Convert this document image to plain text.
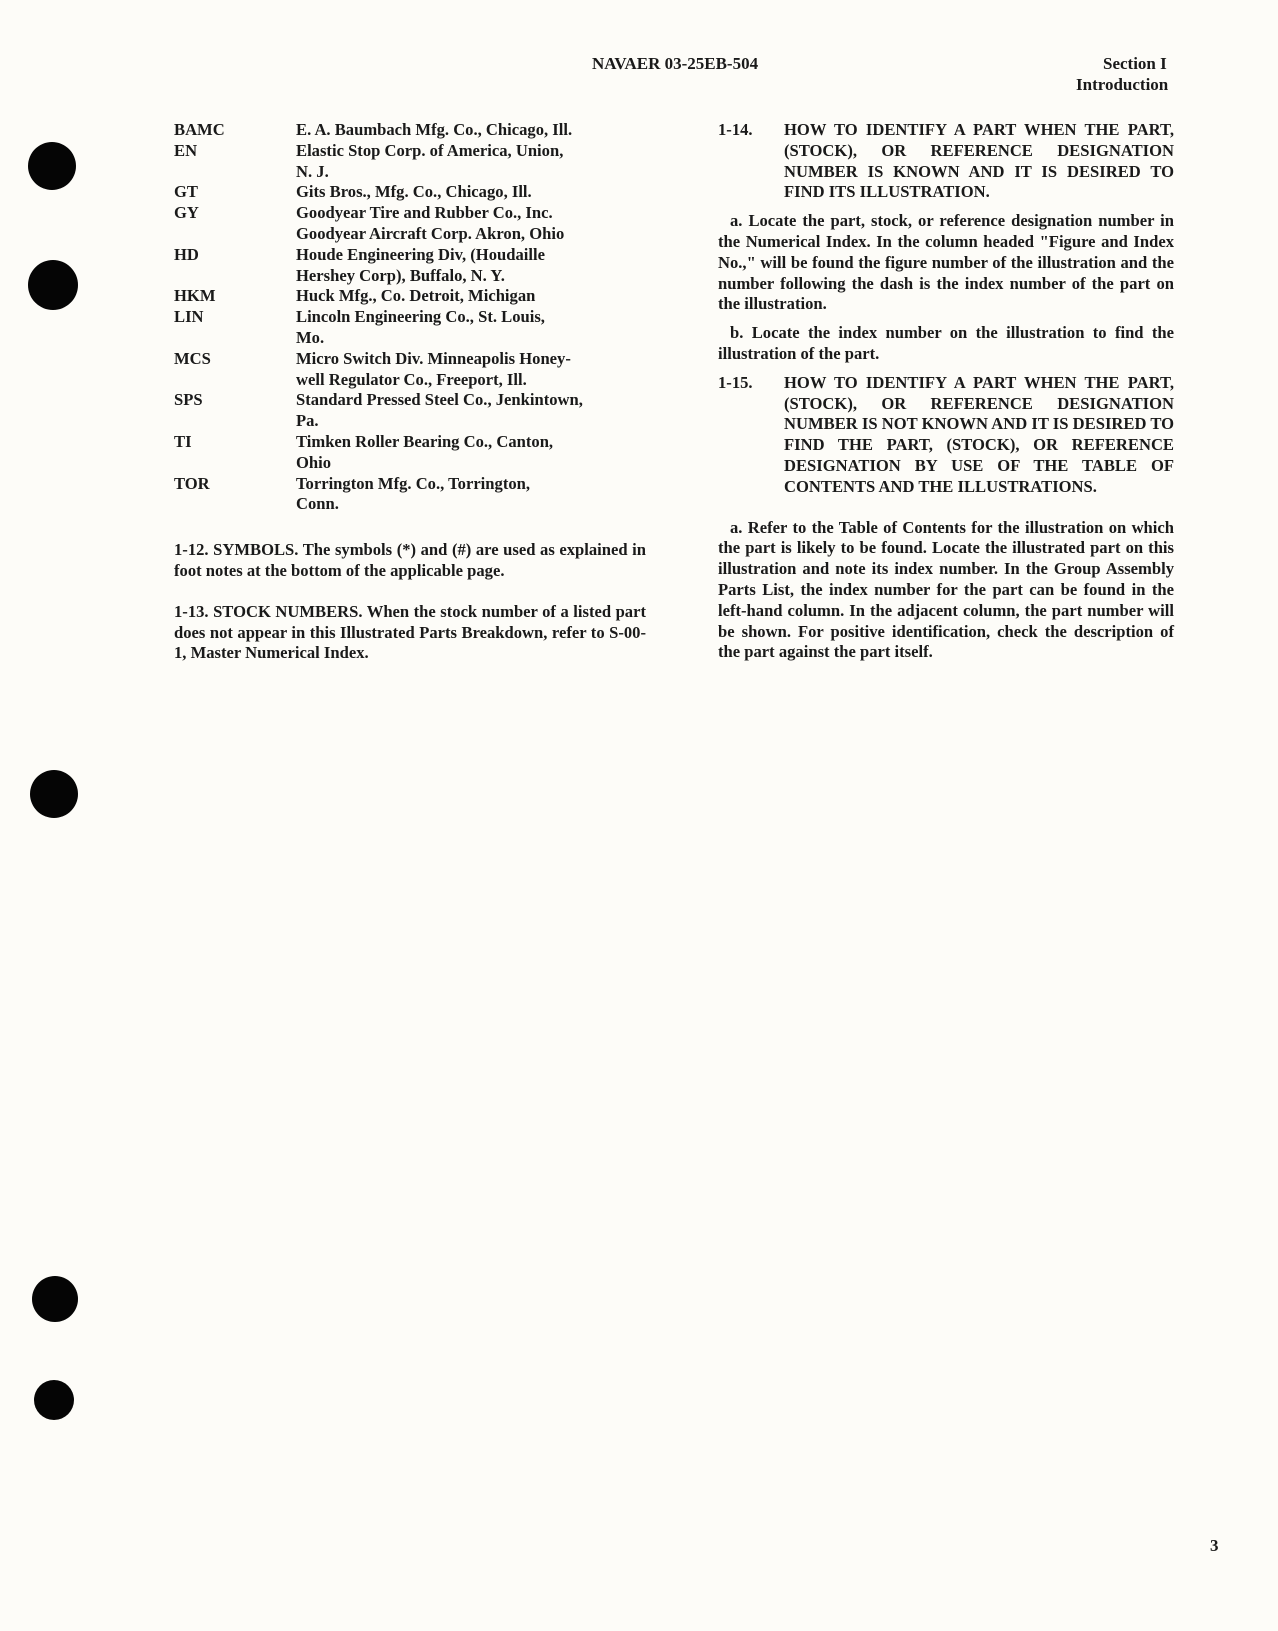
NAVAER 03-25EB-504	Section I
Introduction
BAMC	E. A. Baumbach Mfg. Co., Chicago, Ill.
EN	Elastic Stop Corp. of America, Union,
N. J.
GT	Gits Bros., Mfg. Co., Chicago, Ill.
GY	Goodyear Tire and Rubber Co., Inc.
Goodyear Aircraft Corp. Akron, Ohio
HD	Houde Engineering Div, (Houdaille
Hershey Corp), Buffalo, N. Y.
HKM	Huck Mfg., Co. Detroit, Michigan
LIN	Lincoln Engineering Co., St. Louis,
Mo.
MCS	Micro Switch Div. Minneapolis Honey-
well Regulator Co., Freeport, Ill.
SPS	Standard Pressed Steel Co., Jenkintown,
Pa.
TI	Timken Roller Bearing Co., Canton,
Ohio
TOR	Torrington Mfg. Co., Torrington,
Conn.

1-12. SYMBOLS. The symbols (*) and (#) are used as explained in foot notes at the bottom of the applicable page.

1-13. STOCK NUMBERS. When the stock number of a listed part does not appear in this Illustrated Parts Breakdown, refer to S-00-1, Master Numerical Index.

1-14.	HOW TO IDENTIFY A PART WHEN THE PART, (STOCK), OR REFERENCE DESIGNATION NUMBER IS KNOWN AND IT IS DESIRED TO FIND ITS ILLUSTRATION.

a. Locate the part, stock, or reference designation number in the Numerical Index. In the column headed "Figure and Index No.," will be found the figure number of the illustration and the number following the dash is the index number of the part on the illustration.

b. Locate the index number on the illustration to find the illustration of the part.

1-15.	HOW TO IDENTIFY A PART WHEN THE PART, (STOCK), OR REFERENCE DESIGNATION NUMBER IS NOT KNOWN AND IT IS DESIRED TO FIND THE PART, (STOCK), OR REFERENCE DESIGNATION BY USE OF THE TABLE OF CONTENTS AND THE ILLUSTRATIONS.

a. Refer to the Table of Contents for the illustration on which the part is likely to be found. Locate the illustrated part on this illustration and note its index number. In the Group Assembly Parts List, the index number for the part can be found in the left-hand column. In the adjacent column, the part number will be shown. For positive identification, check the description of the part against the part itself.

3
